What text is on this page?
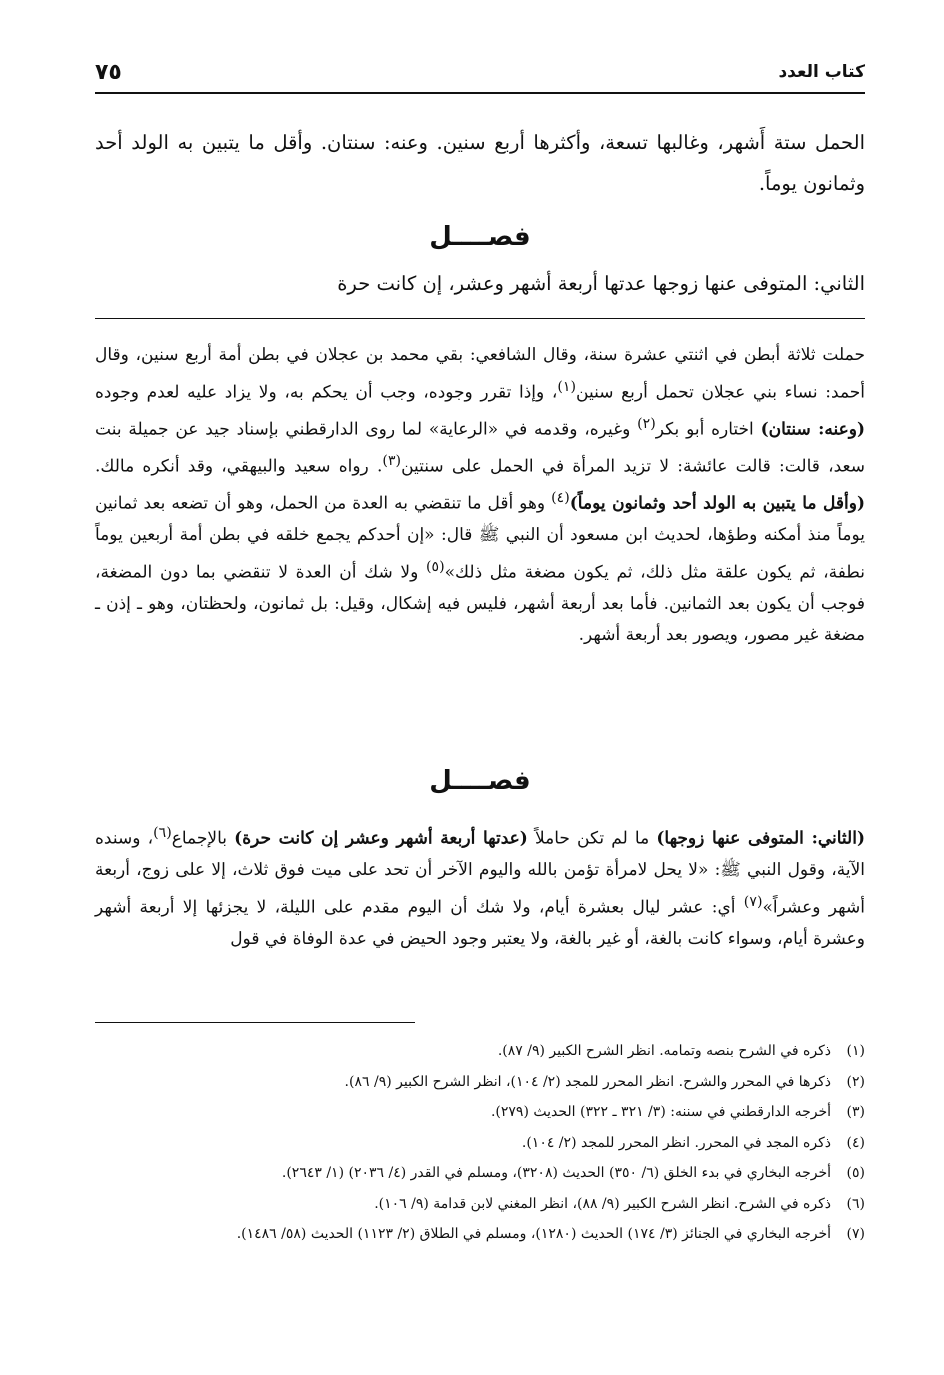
كتاب العدد
٧٥

الحمل ستة أَشهر، وغالبها تسعة، وأكثرها أربع سنين. وعنه: سنتان. وأقل ما يتبين به الولد أحد وثمانون يوماً.

فصــــل

الثاني: المتوفى عنها زوجها عدتها أربعة أشهر وعشر، إن كانت حرة

حملت ثلاثة أبطن في اثنتي عشرة سنة، وقال الشافعي: بقي محمد بن عجلان في بطن أمة أربع سنين، وقال أحمد: نساء بني عجلان تحمل أربع سنين$^{(١)}$، وإذا تقرر وجوده، وجب أن يحكم به، ولا يزاد عليه لعدم وجوده (وعنه: سنتان) اختاره أبو بكر$^{(٢)}$ وغيره، وقدمه في «الرعاية» لما روى الدارقطني بإسناد جيد عن جميلة بنت سعد، قالت: قالت عائشة: لا تزيد المرأة في الحمل على سنتين$^{(٣)}$. رواه سعيد والبيهقي، وقد أنكره مالك. (وأقل ما يتبين به الولد أحد وثمانون يوماً)$^{(٤)}$ وهو أقل ما تنقضي به العدة من الحمل، وهو أن تضعه بعد ثمانين يوماً منذ أمكنه وطؤها، لحديث ابن مسعود أن النبي ﷺ قال: «إن أحدكم يجمع خلقه في بطن أمة أربعين يوماً نطفة، ثم يكون علقة مثل ذلك، ثم يكون مضغة مثل ذلك»$^{(٥)}$ ولا شك أن العدة لا تنقضي بما دون المضغة، فوجب أن يكون بعد الثمانين. فأما بعد أربعة أشهر، فليس فيه إشكال، وقيل: بل ثمانون، ولحظتان، وهو ـ إذن ـ مضغة غير مصور، ويصور بعد أربعة أشهر.

فصــــل

(الثاني: المتوفى عنها زوجها) ما لم تكن حاملاً (عدتها أربعة أشهر وعشر إن كانت حرة) بالإجماع$^{(٦)}$، وسنده الآية، وقول النبي ﷺ: «لا يحل لامرأة تؤمن بالله واليوم الآخر أن تحد على ميت فوق ثلاث، إلا على زوج، أربعة أشهر وعشراً»$^{(٧)}$ أي: عشر ليال بعشرة أيام، ولا شك أن اليوم مقدم على الليلة، لا يجزئها إلا أربعة أشهر وعشرة أيام، وسواء كانت بالغة، أو غير بالغة، ولا يعتبر وجود الحيض في عدة الوفاة في قول

(١)
ذكره في الشرح بنصه وتمامه. انظر الشرح الكبير (٩/ ٨٧).
(٢)
ذكرها في المحرر والشرح. انظر المحرر للمجد (٢/ ١٠٤)، انظر الشرح الكبير (٩/ ٨٦).
(٣)
أخرجه الدارقطني في سننه: (٣/ ٣٢١ ـ ٣٢٢) الحديث (٢٧٩).
(٤)
ذكره المجد في المحرر. انظر المحرر للمجد (٢/ ١٠٤).
(٥)
أخرجه البخاري في بدء الخلق (٦/ ٣٥٠) الحديث (٣٢٠٨)، ومسلم في القدر (٤/ ٢٠٣٦) (١/ ٢٦٤٣).
(٦)
ذكره في الشرح. انظر الشرح الكبير (٩/ ٨٨)، انظر المغني لابن قدامة (٩/ ١٠٦).
(٧)
أخرجه البخاري في الجنائز (٣/ ١٧٤) الحديث (١٢٨٠)، ومسلم في الطلاق (٢/ ١١٢٣) الحديث (٥٨/ ١٤٨٦).
